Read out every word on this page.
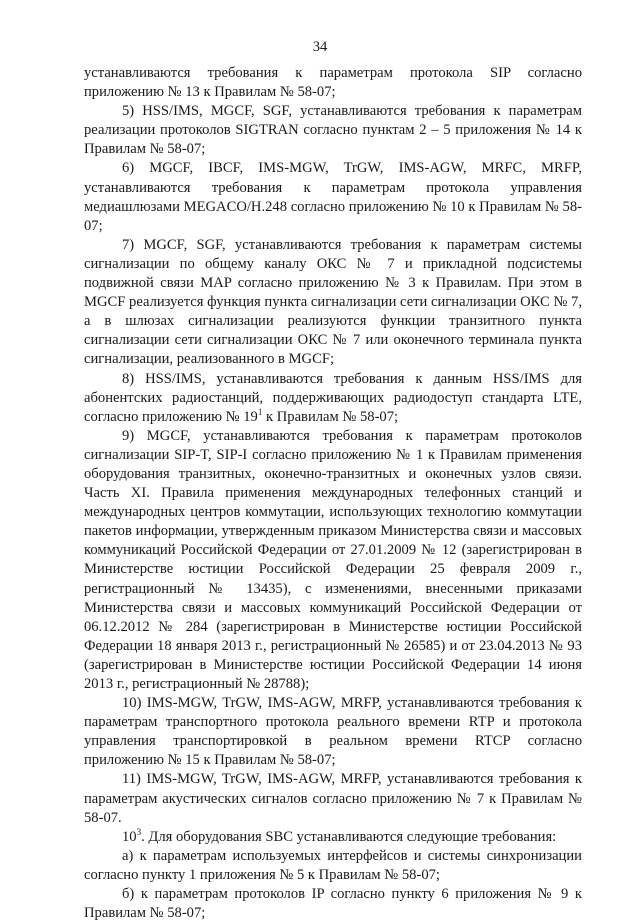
34

устанавливаются требования к параметрам протокола SIP согласно приложению № 13 к Правилам № 58-07;

5) HSS/IMS, MGCF, SGF, устанавливаются требования к параметрам реализации протоколов SIGTRAN согласно пунктам 2 – 5 приложения № 14 к Правилам № 58-07;

6) MGCF, IBCF, IMS-MGW, TrGW, IMS-AGW, MRFC, MRFP, устанавливаются требования к параметрам протокола управления медиашлюзами MEGACO/H.248 согласно приложению № 10 к Правилам № 58-07;

7) MGCF, SGF, устанавливаются требования к параметрам системы сигнализации по общему каналу ОКС № 7 и прикладной подсистемы подвижной связи MAP согласно приложению № 3 к Правилам. При этом в MGCF реализуется функция пункта сигнализации сети сигнализации ОКС № 7, а в шлюзах сигнализации реализуются функции транзитного пункта сигнализации сети сигнализации ОКС № 7 или оконечного терминала пункта сигнализации, реализованного в MGCF;

8) HSS/IMS, устанавливаются требования к данным HSS/IMS для абонентских радиостанций, поддерживающих радиодоступ стандарта LTE, согласно приложению № $19^1$ к Правилам № 58-07;

9) MGCF, устанавливаются требования к параметрам протоколов сигнализации SIP-T, SIP-I согласно приложению № 1 к Правилам применения оборудования транзитных, оконечно-транзитных и оконечных узлов связи. Часть XI. Правила применения международных телефонных станций и международных центров коммутации, использующих технологию коммутации пакетов информации, утвержденным приказом Министерства связи и массовых коммуникаций Российской Федерации от 27.01.2009 № 12 (зарегистрирован в Министерстве юстиции Российской Федерации 25 февраля 2009 г., регистрационный № 13435), с изменениями, внесенными приказами Министерства связи и массовых коммуникаций Российской Федерации от 06.12.2012 № 284 (зарегистрирован в Министерстве юстиции Российской Федерации 18 января 2013 г., регистрационный № 26585) и от 23.04.2013 № 93 (зарегистрирован в Министерстве юстиции Российской Федерации 14 июня 2013 г., регистрационный № 28788);

10) IMS-MGW, TrGW, IMS-AGW, MRFP, устанавливаются требования к параметрам транспортного протокола реального времени RTP и протокола управления транспортировкой в реальном времени RTCP согласно приложению № 15 к Правилам № 58-07;

11) IMS-MGW, TrGW, IMS-AGW, MRFP, устанавливаются требования к параметрам акустических сигналов согласно приложению № 7 к Правилам № 58-07.

$10^3$. Для оборудования SBC устанавливаются следующие требования:

а) к параметрам используемых интерфейсов и системы синхронизации согласно пункту 1 приложения № 5 к Правилам № 58-07;

б) к параметрам протоколов IP согласно пункту 6 приложения № 9 к Правилам № 58-07;
